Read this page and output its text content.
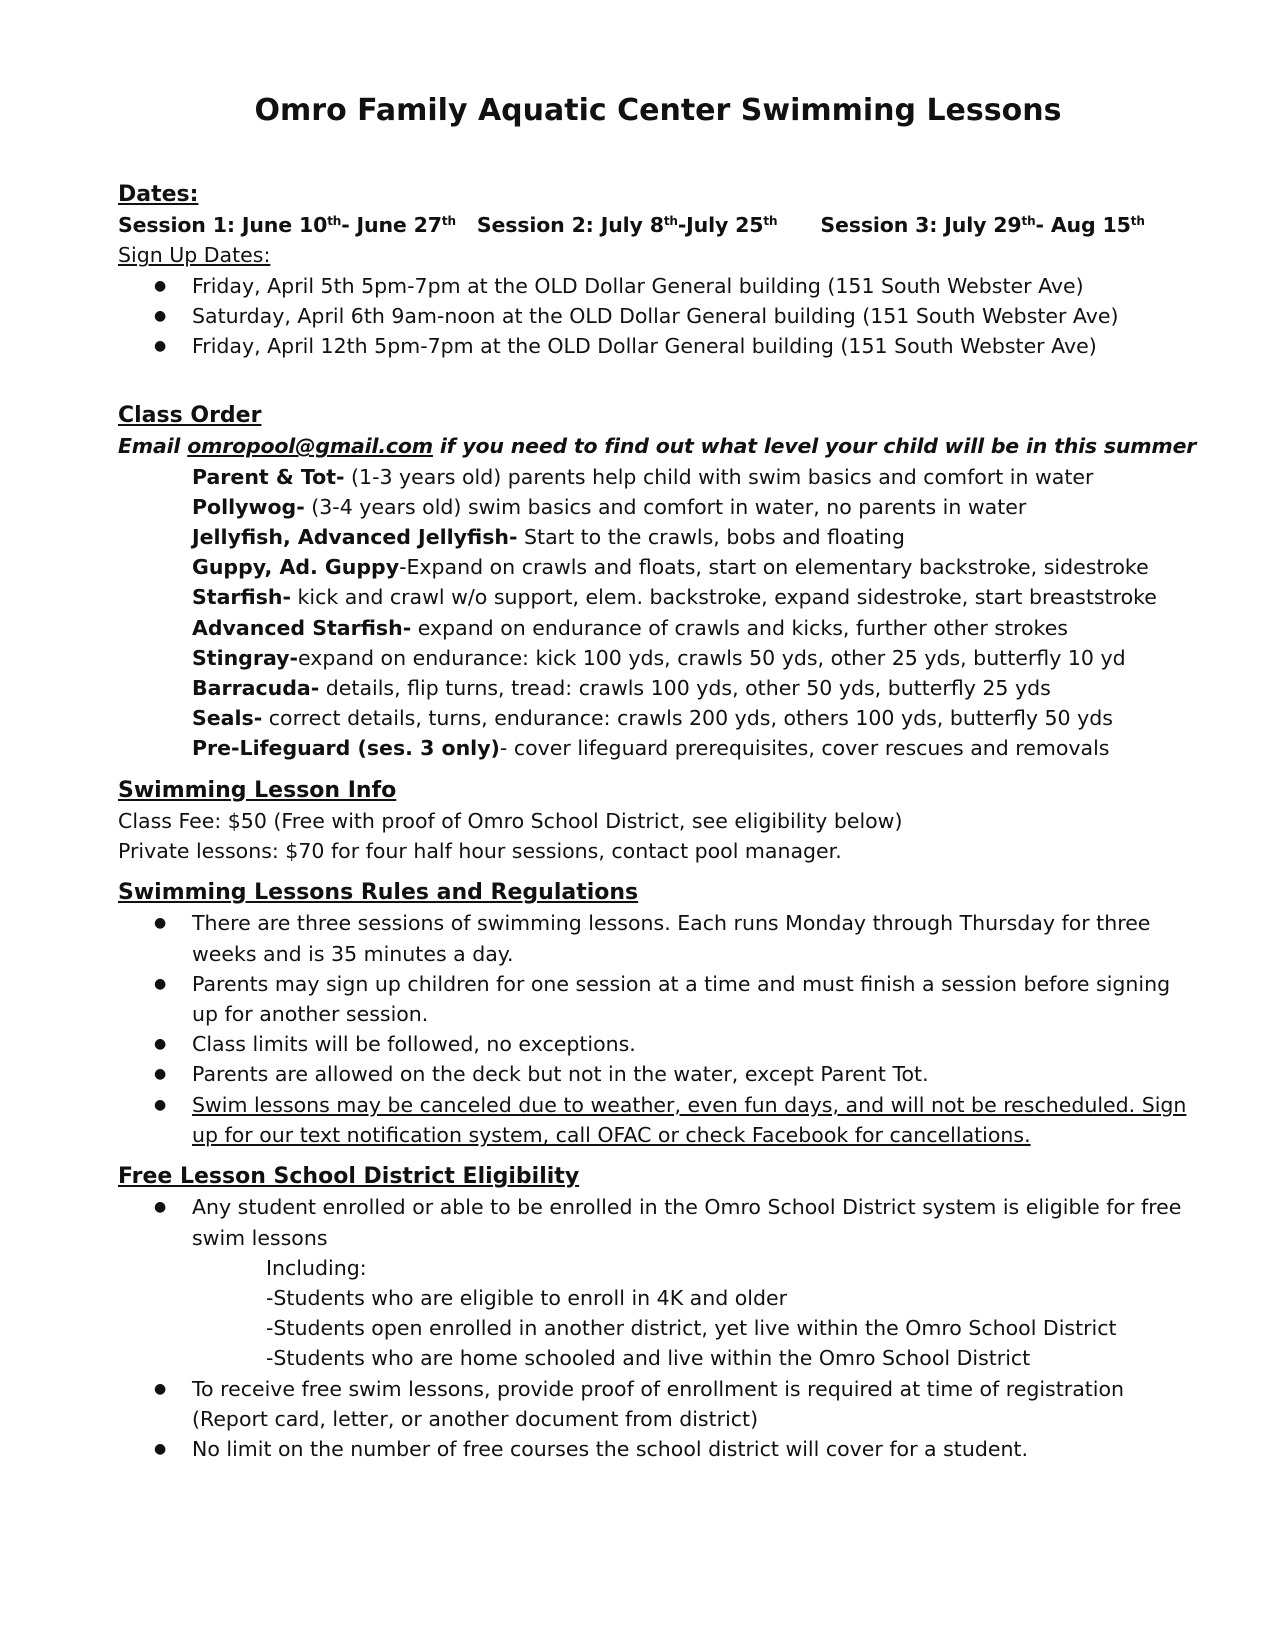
Omro Family Aquatic Center Swimming Lessons
Dates:
Session 1: June 10th- June 27th Session 2: July 8th-July 25th Session 3: July 29th- Aug 15th
Sign Up Dates:
● Friday, April 5th 5pm-7pm at the OLD Dollar General building (151 South Webster Ave)
● Saturday, April 6th 9am-noon at the OLD Dollar General building (151 South Webster Ave)
● Friday, April 12th 5pm-7pm at the OLD Dollar General building (151 South Webster Ave)
Class Order
Email omropool@gmail.com if you need to find out what level your child will be in this summer
Parent & Tot- (1-3 years old) parents help child with swim basics and comfort in water
Pollywog- (3-4 years old) swim basics and comfort in water, no parents in water
Jellyfish, Advanced Jellyfish- Start to the crawls, bobs and floating
Guppy, Ad. Guppy-Expand on crawls and floats, start on elementary backstroke, sidestroke
Starfish- kick and crawl w/o support, elem. backstroke, expand sidestroke, start breaststroke
Advanced Starfish- expand on endurance of crawls and kicks, further other strokes
Stingray-expand on endurance: kick 100 yds, crawls 50 yds, other 25 yds, butterfly 10 yd
Barracuda- details, flip turns, tread: crawls 100 yds, other 50 yds, butterfly 25 yds
Seals- correct details, turns, endurance: crawls 200 yds, others 100 yds, butterfly 50 yds
Pre-Lifeguard (ses. 3 only)- cover lifeguard prerequisites, cover rescues and removals
Swimming Lesson Info
Class Fee: $50 (Free with proof of Omro School District, see eligibility below)
Private lessons: $70 for four half hour sessions, contact pool manager.
Swimming Lessons Rules and Regulations
● There are three sessions of swimming lessons. Each runs Monday through Thursday for three weeks and is 35 minutes a day.
● Parents may sign up children for one session at a time and must finish a session before signing up for another session.
● Class limits will be followed, no exceptions.
● Parents are allowed on the deck but not in the water, except Parent Tot.
● Swim lessons may be canceled due to weather, even fun days, and will not be rescheduled. Sign up for our text notification system, call OFAC or check Facebook for cancellations.
Free Lesson School District Eligibility
● Any student enrolled or able to be enrolled in the Omro School District system is eligible for free swim lessons
Including:
-Students who are eligible to enroll in 4K and older
-Students open enrolled in another district, yet live within the Omro School District
-Students who are home schooled and live within the Omro School District
● To receive free swim lessons, provide proof of enrollment is required at time of registration (Report card, letter, or another document from district)
● No limit on the number of free courses the school district will cover for a student.
